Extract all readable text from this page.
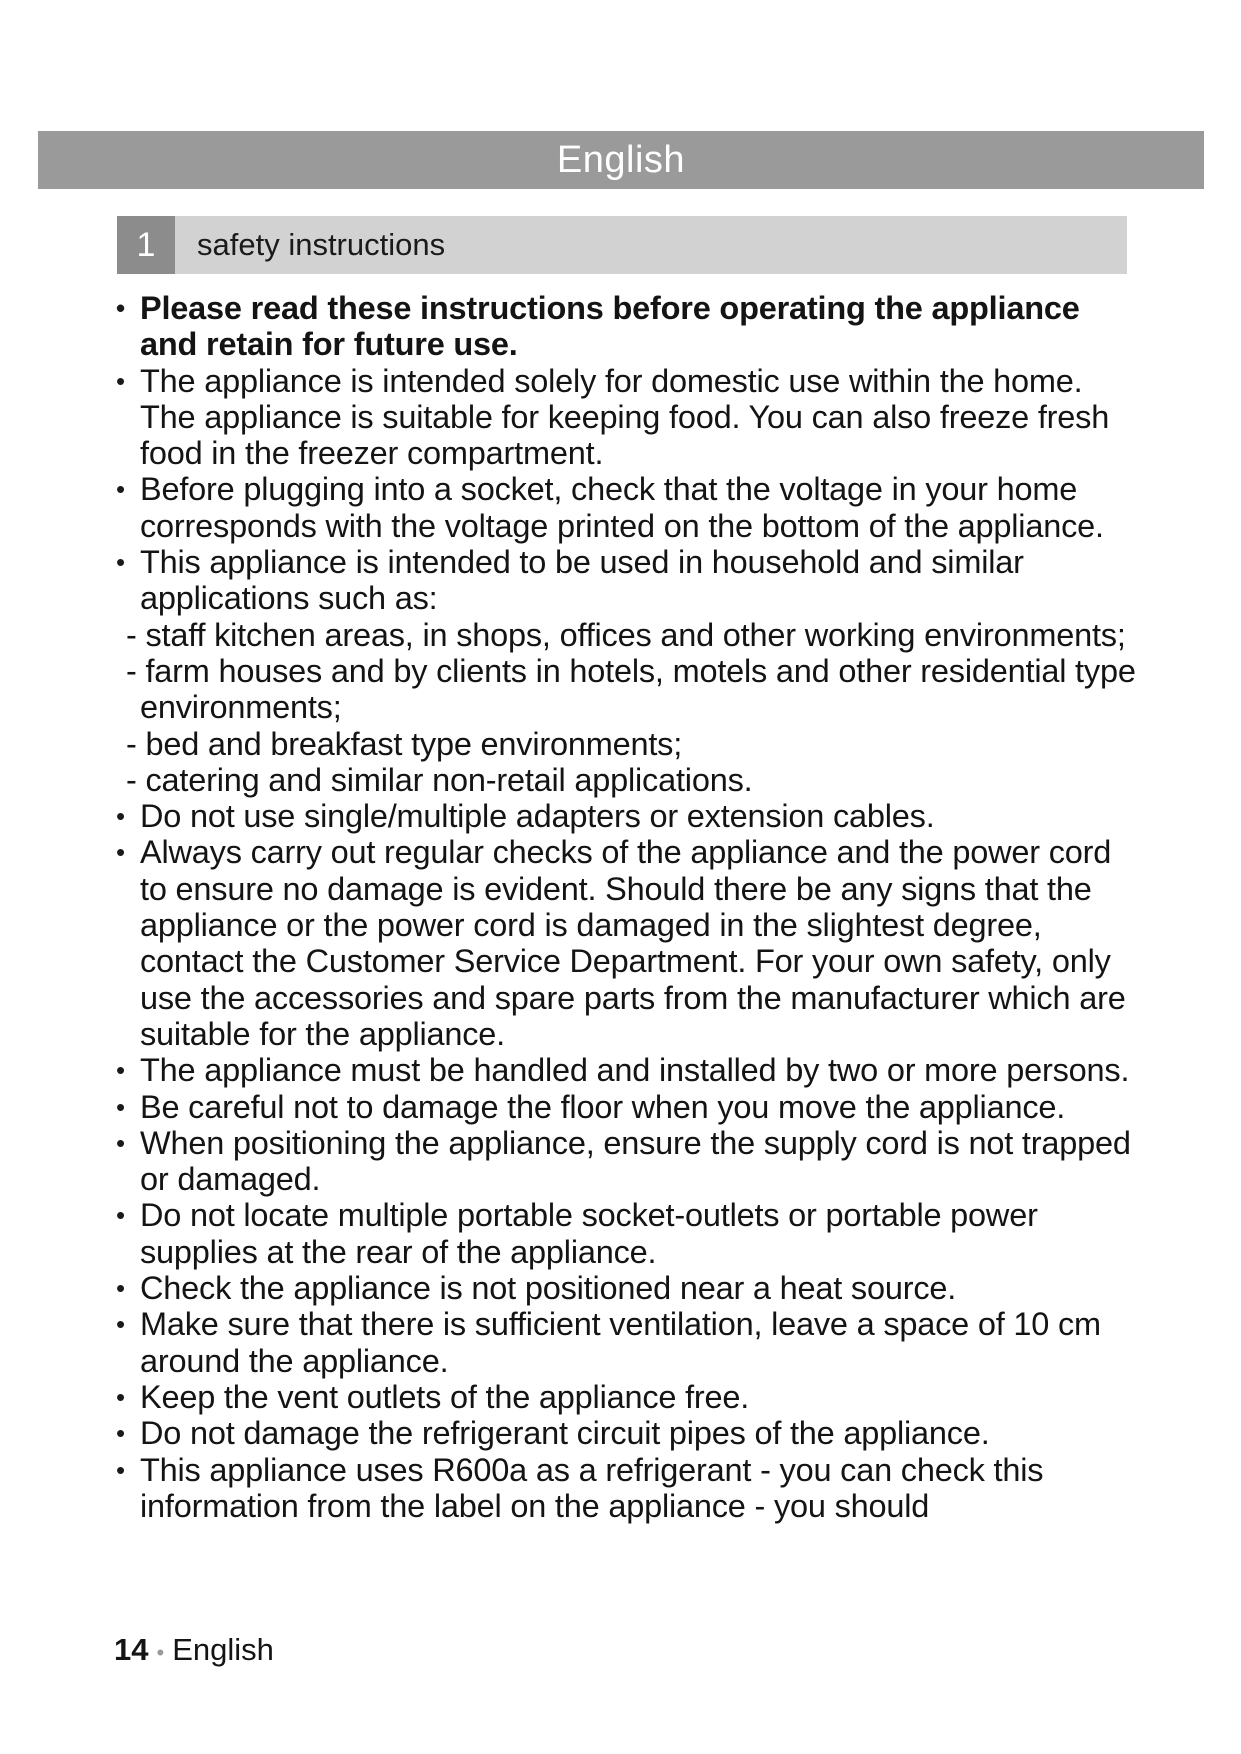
English
1	safety instructions
• Please read these instructions before operating the appliance and retain for future use.
• The appliance is intended solely for domestic use within the home. The appliance is suitable for keeping food. You can also freeze fresh food in the freezer compartment.
• Before plugging into a socket, check that the voltage in your home corresponds with the voltage printed on the bottom of the appliance.
• This appliance is intended to be used in household and similar applications such as:
- staff kitchen areas, in shops, offices and other working environments;
- farm houses and by clients in hotels, motels and other residential type environments;
- bed and breakfast type environments;
- catering and similar non-retail applications.
• Do not use single/multiple adapters or extension cables.
• Always carry out regular checks of the appliance and the power cord to ensure no damage is evident. Should there be any signs that the appliance or the power cord is damaged in the slightest degree, contact the Customer Service Department. For your own safety, only use the accessories and spare parts from the manufacturer which are suitable for the appliance.
• The appliance must be handled and installed by two or more persons.
• Be careful not to damage the floor when you move the appliance.
• When positioning the appliance, ensure the supply cord is not trapped or damaged.
• Do not locate multiple portable socket-outlets or portable power supplies at the rear of the appliance.
• Check the appliance is not positioned near a heat source.
• Make sure that there is sufficient ventilation, leave a space of 10 cm around the appliance.
• Keep the vent outlets of the appliance free.
• Do not damage the refrigerant circuit pipes of the appliance.
• This appliance uses R600a as a refrigerant - you can check this information from the label on the appliance - you should
14 • English
